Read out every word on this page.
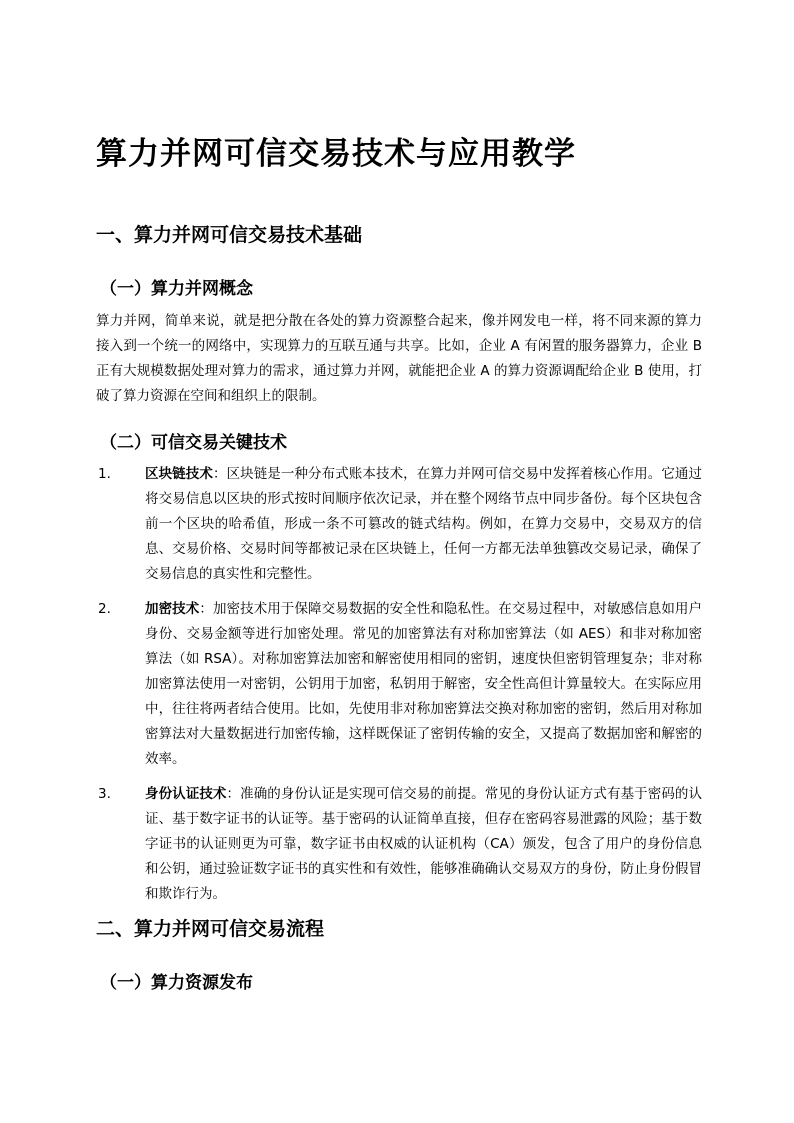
算力并网可信交易技术与应用教学
一、算力并网可信交易技术基础
（一）算力并网概念

算力并网，简单来说，就是把分散在各处的算力资源整合起来，像并网发电一样，将不同来源的算力接入到一个统一的网络中，实现算力的互联互通与共享。比如，企业 A 有闲置的服务器算力，企业 B 正有大规模数据处理对算力的需求，通过算力并网，就能把企业 A 的算力资源调配给企业 B 使用，打破了算力资源在空间和组织上的限制。

（二）可信交易关键技术
1.	区块链技术：区块链是一种分布式账本技术，在算力并网可信交易中发挥着核心作用。它通过将交易信息以区块的形式按时间顺序依次记录，并在整个网络节点中同步备份。每个区块包含前一个区块的哈希值，形成一条不可篡改的链式结构。例如，在算力交易中，交易双方的信息、交易价格、交易时间等都被记录在区块链上，任何一方都无法单独篡改交易记录，确保了交易信息的真实性和完整性。
2.	加密技术：加密技术用于保障交易数据的安全性和隐私性。在交易过程中，对敏感信息如用户身份、交易金额等进行加密处理。常见的加密算法有对称加密算法（如 AES）和非对称加密算法（如 RSA）。对称加密算法加密和解密使用相同的密钥，速度快但密钥管理复杂；非对称加密算法使用一对密钥，公钥用于加密，私钥用于解密，安全性高但计算量较大。在实际应用中，往往将两者结合使用。比如，先使用非对称加密算法交换对称加密的密钥，然后用对称加密算法对大量数据进行加密传输，这样既保证了密钥传输的安全，又提高了数据加密和解密的效率。
3.	身份认证技术：准确的身份认证是实现可信交易的前提。常见的身份认证方式有基于密码的认证、基于数字证书的认证等。基于密码的认证简单直接，但存在密码容易泄露的风险；基于数字证书的认证则更为可靠，数字证书由权威的认证机构（CA）颁发，包含了用户的身份信息和公钥，通过验证数字证书的真实性和有效性，能够准确确认交易双方的身份，防止身份假冒和欺诈行为。
二、算力并网可信交易流程
（一）算力资源发布
